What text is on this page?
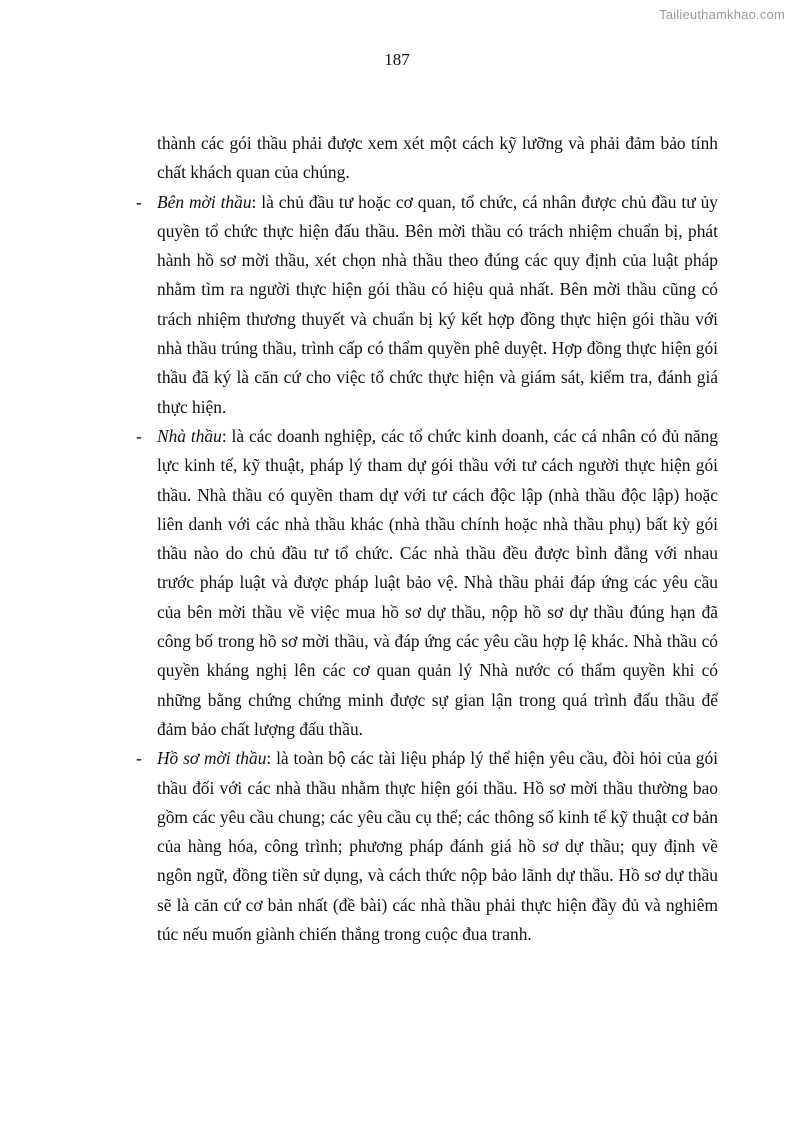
Tailieuthamkhao.com
187

thành các gói thầu phải được xem xét một cách kỹ lưỡng và phải đảm bảo tính chất khách quan của chúng.

- Bên mời thầu: là chủ đầu tư hoặc cơ quan, tổ chức, cá nhân được chủ đầu tư ủy quyền tổ chức thực hiện đấu thầu. Bên mời thầu có trách nhiệm chuẩn bị, phát hành hồ sơ mời thầu, xét chọn nhà thầu theo đúng các quy định của luật pháp nhằm tìm ra người thực hiện gói thầu có hiệu quả nhất. Bên mời thầu cũng có trách nhiệm thương thuyết và chuẩn bị ký kết hợp đồng thực hiện gói thầu với nhà thầu trúng thầu, trình cấp có thẩm quyền phê duyệt. Hợp đồng thực hiện gói thầu đã ký là căn cứ cho việc tổ chức thực hiện và giám sát, kiểm tra, đánh giá thực hiện.

- Nhà thầu: là các doanh nghiệp, các tổ chức kinh doanh, các cá nhân có đủ năng lực kinh tế, kỹ thuật, pháp lý tham dự gói thầu với tư cách người thực hiện gói thầu. Nhà thầu có quyền tham dự với tư cách độc lập (nhà thầu độc lập) hoặc liên danh với các nhà thầu khác (nhà thầu chính hoặc nhà thầu phụ) bất kỳ gói thầu nào do chủ đầu tư tổ chức. Các nhà thầu đều được bình đẳng với nhau trước pháp luật và được pháp luật bảo vệ. Nhà thầu phải đáp ứng các yêu cầu của bên mời thầu về việc mua hồ sơ dự thầu, nộp hồ sơ dự thầu đúng hạn đã công bố trong hồ sơ mời thầu, và đáp ứng các yêu cầu hợp lệ khác. Nhà thầu có quyền kháng nghị lên các cơ quan quản lý Nhà nước có thẩm quyền khi có những bằng chứng chứng minh được sự gian lận trong quá trình đấu thầu để đảm bảo chất lượng đấu thầu.

- Hồ sơ mời thầu: là toàn bộ các tài liệu pháp lý thể hiện yêu cầu, đòi hỏi của gói thầu đối với các nhà thầu nhằm thực hiện gói thầu. Hồ sơ mời thầu thường bao gồm các yêu cầu chung; các yêu cầu cụ thể; các thông số kinh tế kỹ thuật cơ bản của hàng hóa, công trình; phương pháp đánh giá hồ sơ dự thầu; quy định về ngôn ngữ, đồng tiền sử dụng, và cách thức nộp bảo lãnh dự thầu. Hồ sơ dự thầu sẽ là căn cứ cơ bản nhất (đề bài) các nhà thầu phải thực hiện đầy đủ và nghiêm túc nếu muốn giành chiến thắng trong cuộc đua tranh.
